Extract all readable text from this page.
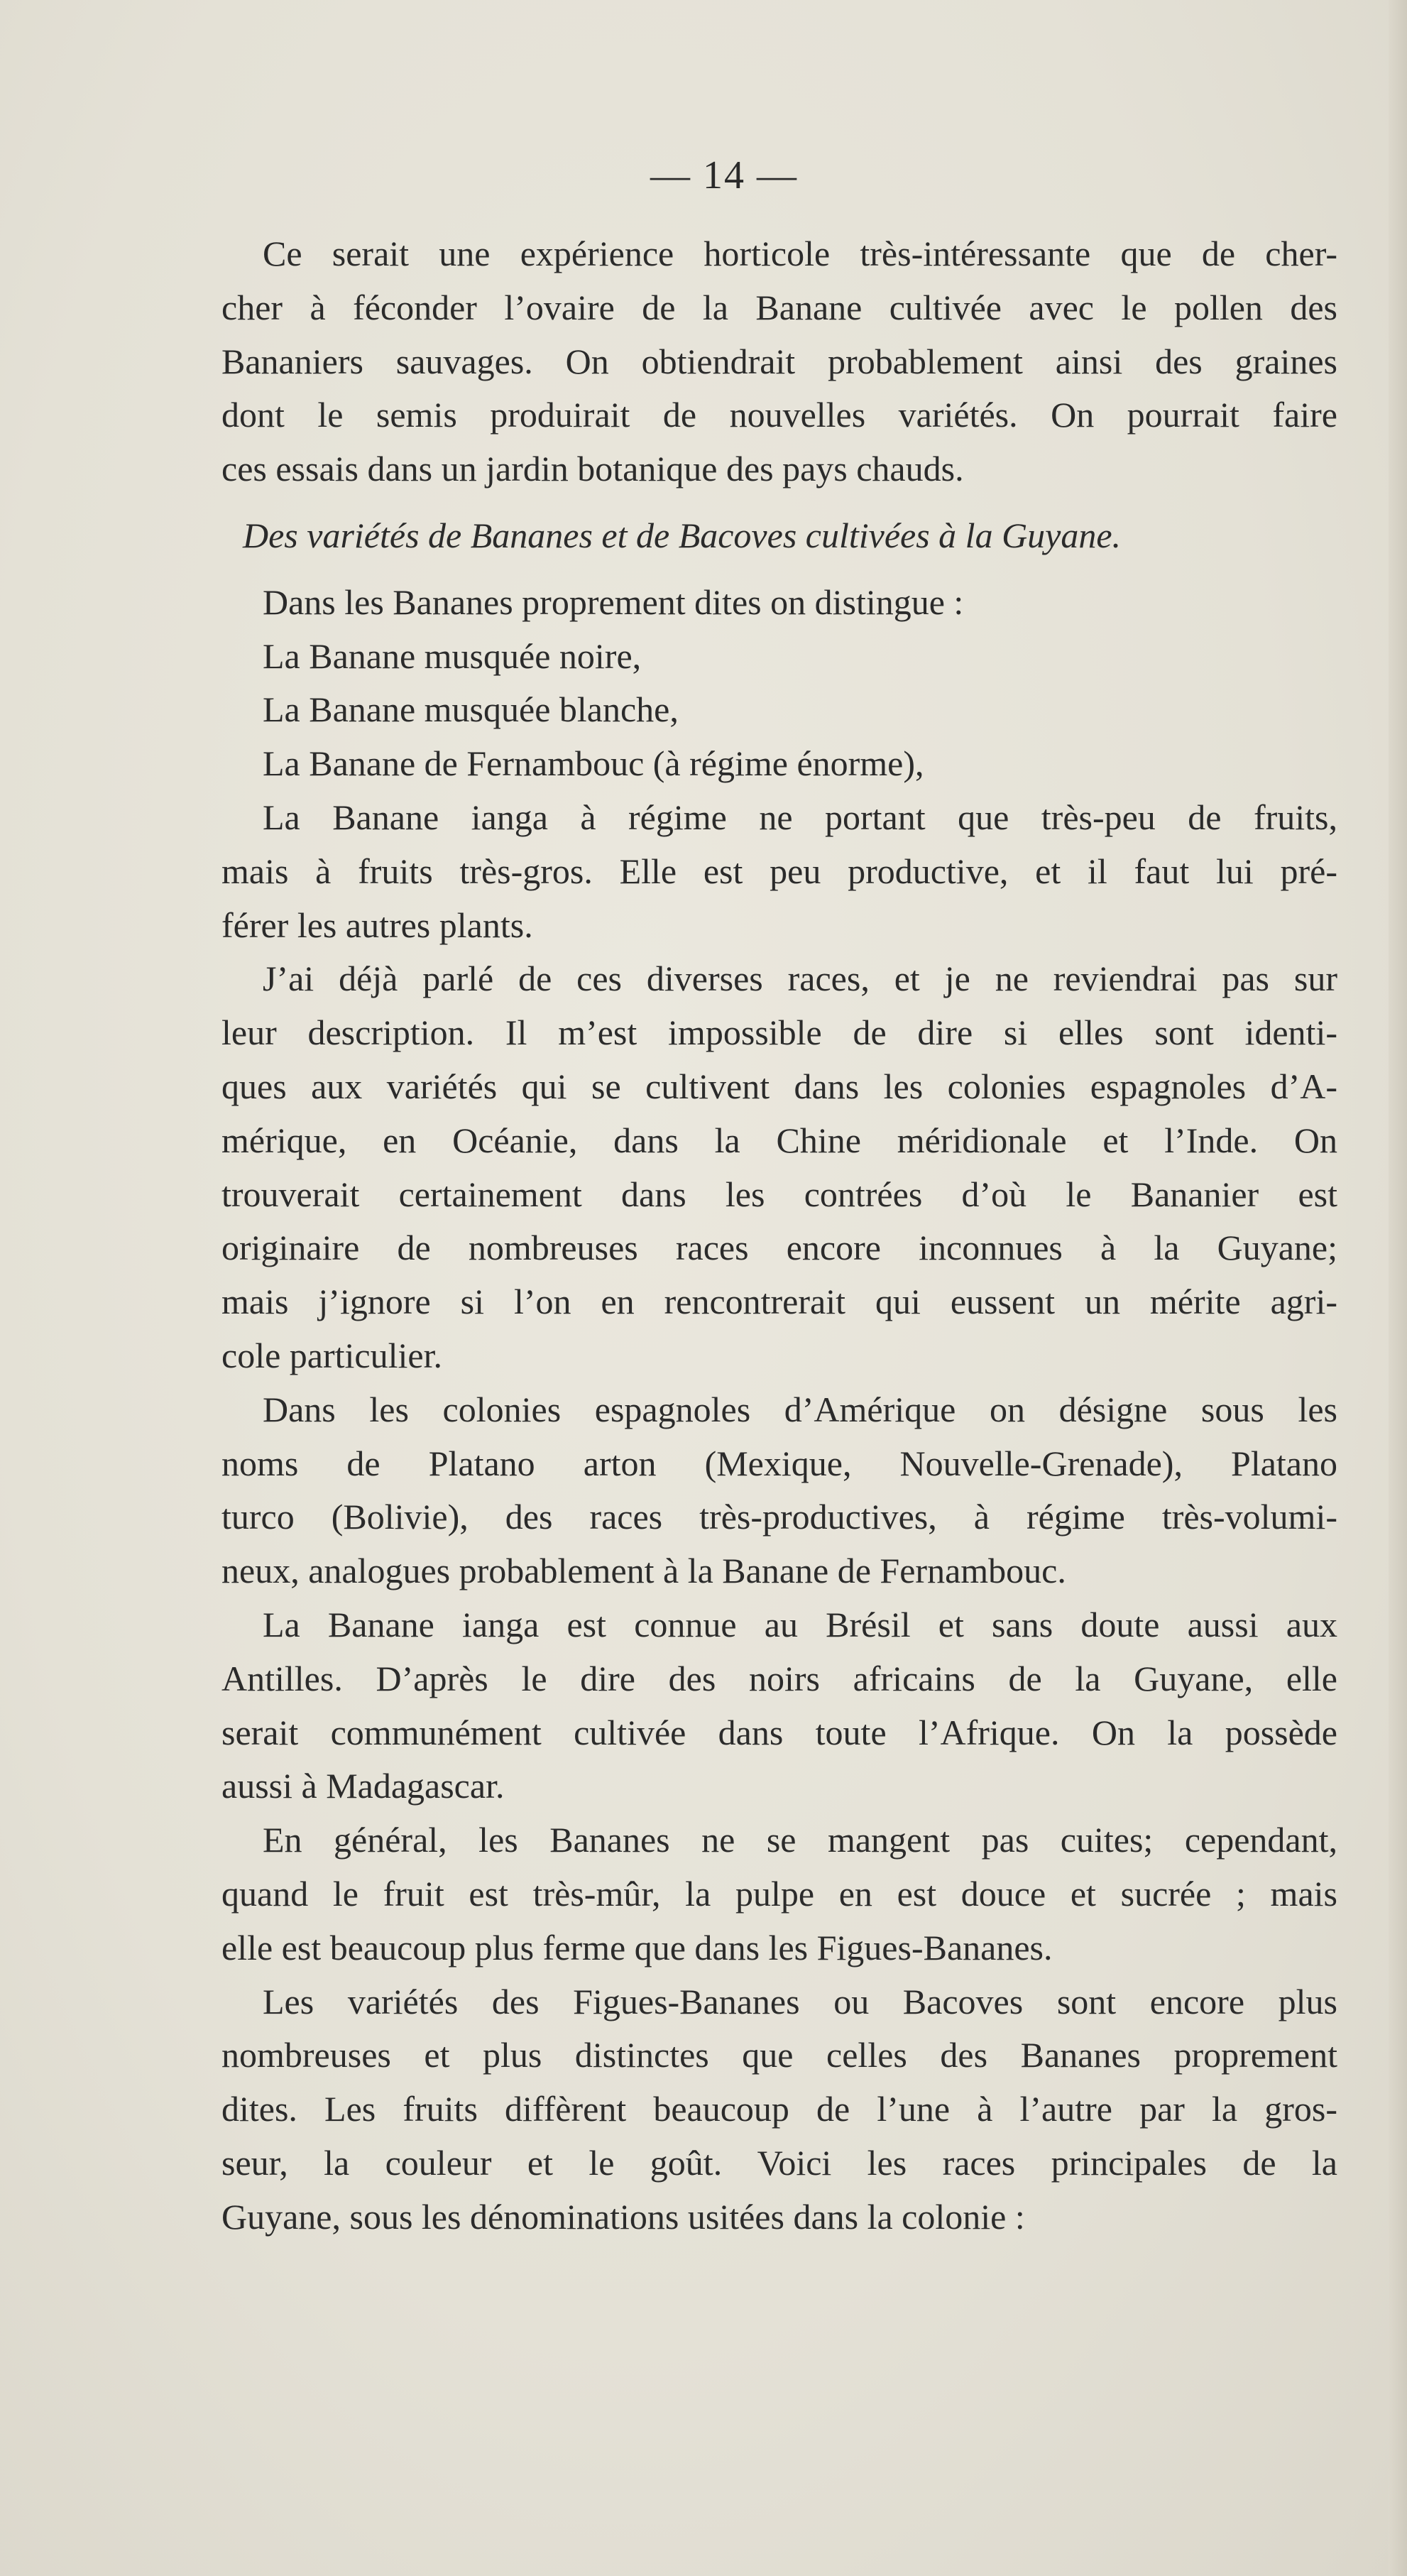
— 14 —
Ce serait une expérience horticole très-intéressante que de cher-
cher à féconder l’ovaire de la Banane cultivée avec le pollen des
Bananiers sauvages. On obtiendrait probablement ainsi des graines
dont le semis produirait de nouvelles variétés. On pourrait faire
ces essais dans un jardin botanique des pays chauds.
Des variétés de Bananes et de Bacoves cultivées à la Guyane.
Dans les Bananes proprement dites on distingue :
La Banane musquée noire,
La Banane musquée blanche,
La Banane de Fernambouc (à régime énorme),
La Banane ianga à régime ne portant que très-peu de fruits,
mais à fruits très-gros. Elle est peu productive, et il faut lui pré-
férer les autres plants.
J’ai déjà parlé de ces diverses races, et je ne reviendrai pas sur
leur description. Il m’est impossible de dire si elles sont identi-
ques aux variétés qui se cultivent dans les colonies espagnoles d’A-
mérique, en Océanie, dans la Chine méridionale et l’Inde. On
trouverait certainement dans les contrées d’où le Bananier est
originaire de nombreuses races encore inconnues à la Guyane;
mais j’ignore si l’on en rencontrerait qui eussent un mérite agri-
cole particulier.
Dans les colonies espagnoles d’Amérique on désigne sous les
noms de Platano arton (Mexique, Nouvelle-Grenade), Platano
turco (Bolivie), des races très-productives, à régime très-volumi-
neux, analogues probablement à la Banane de Fernambouc.
La Banane ianga est connue au Brésil et sans doute aussi aux
Antilles. D’après le dire des noirs africains de la Guyane, elle
serait communément cultivée dans toute l’Afrique. On la possède
aussi à Madagascar.
En général, les Bananes ne se mangent pas cuites; cependant,
quand le fruit est très-mûr, la pulpe en est douce et sucrée ; mais
elle est beaucoup plus ferme que dans les Figues-Bananes.
Les variétés des Figues-Bananes ou Bacoves sont encore plus
nombreuses et plus distinctes que celles des Bananes proprement
dites. Les fruits diffèrent beaucoup de l’une à l’autre par la gros-
seur, la couleur et le goût. Voici les races principales de la
Guyane, sous les dénominations usitées dans la colonie :
